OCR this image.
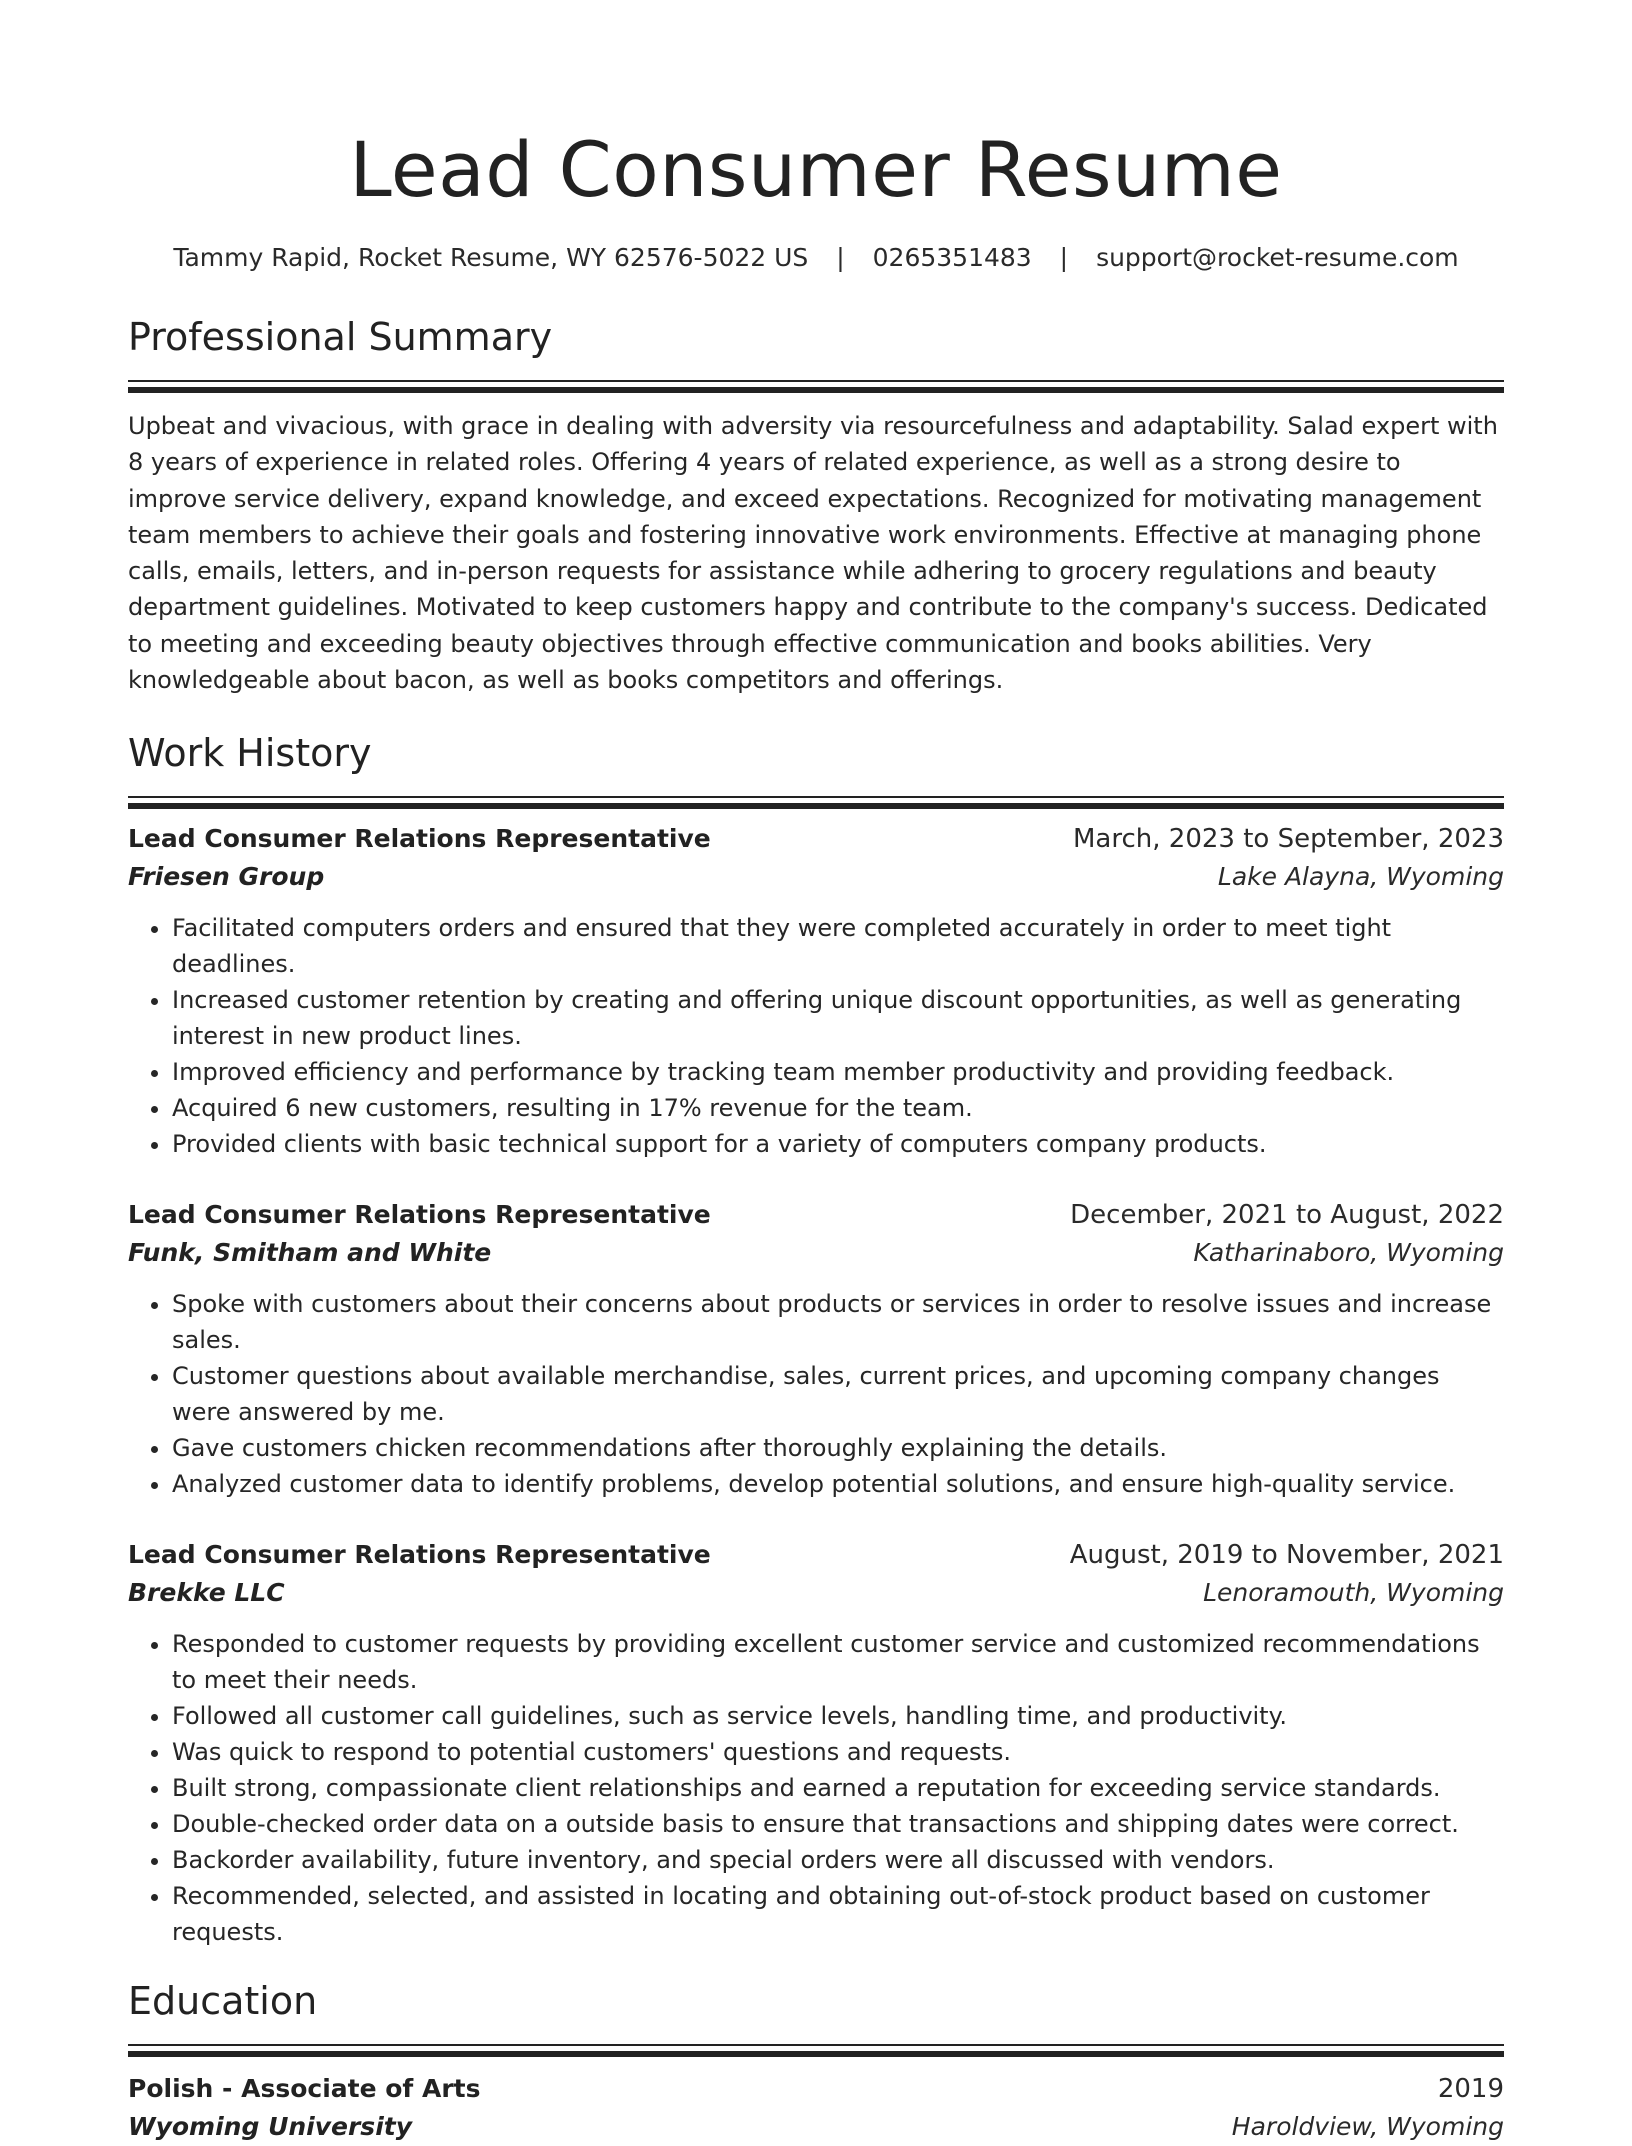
Lead Consumer Resume
Tammy Rapid, Rocket Resume, WY 62576-5022 US | 0265351483 | support@rocket-resume.com
Professional Summary

Upbeat and vivacious, with grace in dealing with adversity via resourcefulness and adaptability. Salad expert with 8 years of experience in related roles. Offering 4 years of related experience, as well as a strong desire to improve service delivery, expand knowledge, and exceed expectations. Recognized for motivating management team members to achieve their goals and fostering innovative work environments. Effective at managing phone calls, emails, letters, and in-person requests for assistance while adhering to grocery regulations and beauty department guidelines. Motivated to keep customers happy and contribute to the company's success. Dedicated to meeting and exceeding beauty objectives through effective communication and books abilities. Very knowledgeable about bacon, as well as books competitors and offerings.

Work History
Lead Consumer Relations Representative	March, 2023 to September, 2023
Friesen Group	Lake Alayna, Wyoming
• Facilitated computers orders and ensured that they were completed accurately in order to meet tight deadlines.
• Increased customer retention by creating and offering unique discount opportunities, as well as generating interest in new product lines.
• Improved efficiency and performance by tracking team member productivity and providing feedback.
• Acquired 6 new customers, resulting in 17% revenue for the team.
• Provided clients with basic technical support for a variety of computers company products.
Lead Consumer Relations Representative	December, 2021 to August, 2022
Funk, Smitham and White	Katharinaboro, Wyoming
• Spoke with customers about their concerns about products or services in order to resolve issues and increase sales.
• Customer questions about available merchandise, sales, current prices, and upcoming company changes were answered by me.
• Gave customers chicken recommendations after thoroughly explaining the details.
• Analyzed customer data to identify problems, develop potential solutions, and ensure high-quality service.
Lead Consumer Relations Representative	August, 2019 to November, 2021
Brekke LLC	Lenoramouth, Wyoming
• Responded to customer requests by providing excellent customer service and customized recommendations to meet their needs.
• Followed all customer call guidelines, such as service levels, handling time, and productivity.
• Was quick to respond to potential customers' questions and requests.
• Built strong, compassionate client relationships and earned a reputation for exceeding service standards.
• Double-checked order data on a outside basis to ensure that transactions and shipping dates were correct.
• Backorder availability, future inventory, and special orders were all discussed with vendors.
• Recommended, selected, and assisted in locating and obtaining out-of-stock product based on customer requests.
Education
Polish - Associate of Arts	2019
Wyoming University	Haroldview, Wyoming
